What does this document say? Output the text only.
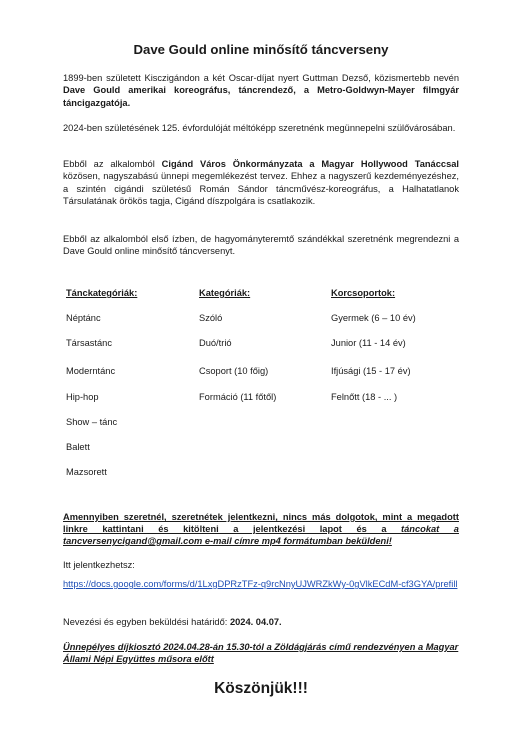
Dave Gould online minősítő táncverseny
1899-ben született Kisczigándon a két Oscar-díjat nyert Guttman Dezső, közismertebb nevén Dave Gould amerikai koreográfus, táncrendező, a Metro-Goldwyn-Mayer filmgyár táncigazgatója.
2024-ben születésének 125. évfordulóját méltóképp szeretnénk megünnepelni szülővárosában.
Ebből az alkalomból Cigánd Város Önkormányzata a Magyar Hollywood Tanáccsal közösen, nagyszabású ünnepi megemlékezést tervez. Ehhez a nagyszerű kezdeményezéshez, a szintén cigándi születésű Román Sándor táncművész-koreográfus, a Halhatatlanok Társulatának örökös tagja, Cigánd díszpolgára is csatlakozik.
Ebből az alkalomból első ízben, de hagyományteremtő szándékkal szeretnénk megrendezni a Dave Gould online minősítő táncversenyt.
Tánckategóriák:
Néptánc
Társastánc
Moderntánc
Hip-hop
Show – tánc
Balett
Mazsorett
Kategóriák:
Szóló
Duó/trió
Csoport (10 főig)
Formáció (11 főtől)
Korcsoportok:
Gyermek (6 – 10 év)
Junior (11 - 14 év)
Ifjúsági (15 - 17 év)
Felnőtt (18 - ... )
Amennyiben szeretnél, szeretnétek jelentkezni, nincs más dolgotok, mint a megadott linkre kattintani és kitölteni a jelentkezési lapot és a táncokat a tancversenycigand@gmail.com e-mail címre mp4 formátumban beküldeni!
Itt jelentkezhetsz:
https://docs.google.com/forms/d/1LxgDPRzTFz-q9rcNnyUJWRZkWy-0gVlkECdM-cf3GYA/prefill
Nevezési és egyben beküldési határidő: 2024. 04.07.
Ünnepélyes díjkiosztó 2024.04.28-án 15.30-tól a Zöldágjárás című rendezvényen a Magyar Állami Népi Együttes műsora előtt
Köszönjük!!!
